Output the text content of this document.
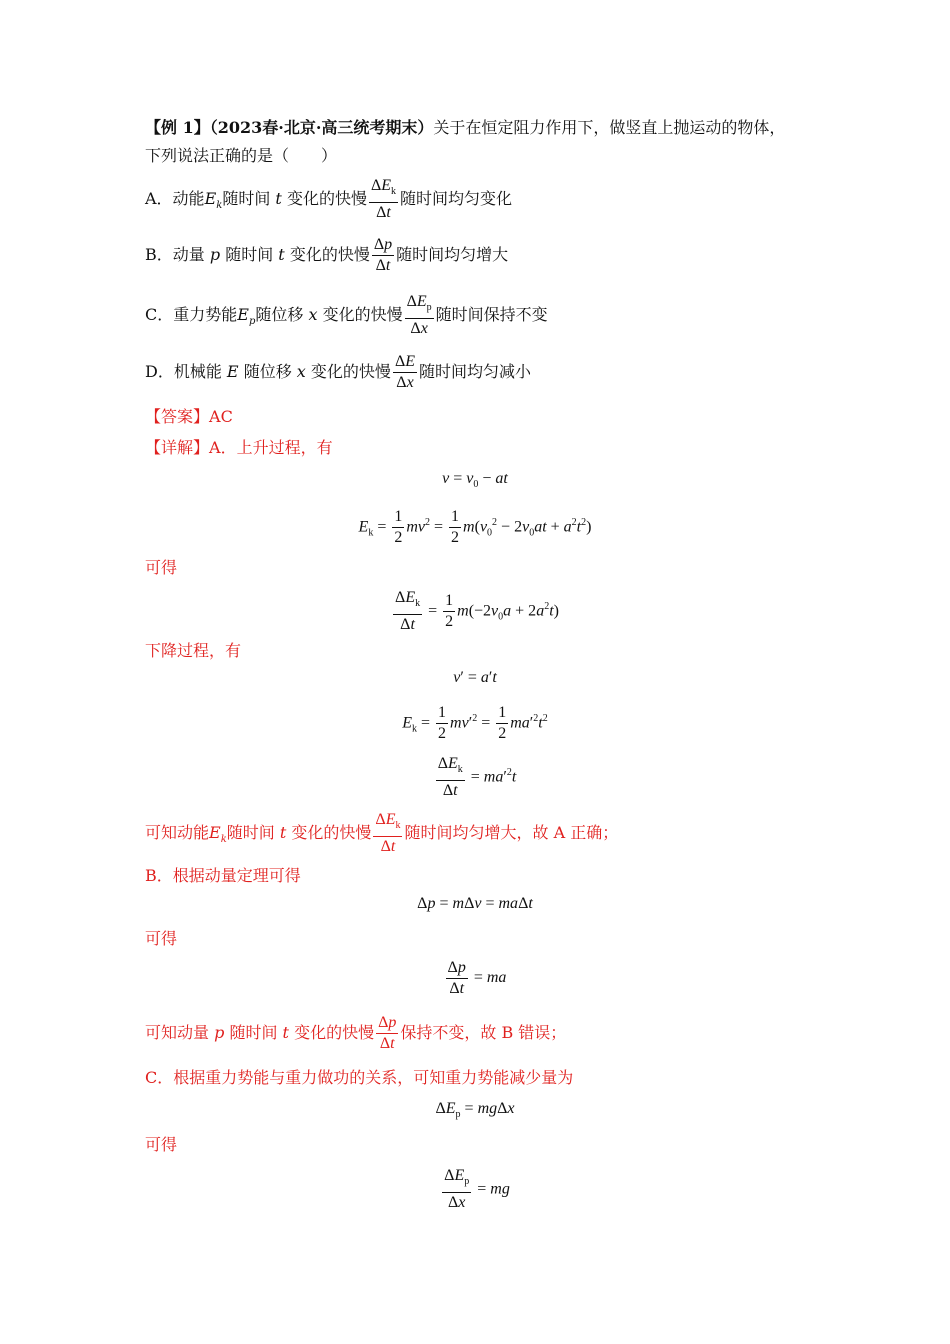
【例 1】（2023春·北京·高三统考期末）关于在恒定阻力作用下，做竖直上抛运动的物体，
下列说法正确的是（　　）
A．动能$E_k$随时间 t 变化的快慢 $\frac{\Delta E_k}{\Delta t}$ 随时间均匀变化
B．动量 p 随时间 t 变化的快慢 $\frac{\Delta p}{\Delta t}$ 随时间均匀增大
C．重力势能$E_p$随位移 x 变化的快慢 $\frac{\Delta E_p}{\Delta x}$ 随时间保持不变
D．机械能 E 随位移 x 变化的快慢 $\frac{\Delta E}{\Delta x}$ 随时间均匀减小
【答案】AC
【详解】A．上升过程，有
$v = v_0$ − at
$E_k = \frac{1}{2} mv^2 = \frac{1}{2} m(v_0^2 - 2v_0at + a^2t^2)$
可得
$\frac{\Delta E_k}{\Delta t} = \frac{1}{2} m(-2v_0a + 2a^2t)$
下降过程，有
v′ = a′t
$E_k = \frac{1}{2} mv'^2 = \frac{1}{2} ma'^2t^2$
$\frac{\Delta E_k}{\Delta t} = ma'^2t$
可知动能$E_k$随时间 t 变化的快慢 $\frac{\Delta E_k}{\Delta t}$ 随时间均匀增大，故 A 正确；
B．根据动量定理可得
Δp = mΔv = maΔt
可得
$\frac{\Delta p}{\Delta t}$ = ma
可知动量 p 随时间 t 变化的快慢 $\frac{\Delta p}{\Delta t}$ 保持不变，故 B 错误；
C．根据重力势能与重力做功的关系，可知重力势能减少量为
$\Delta E_p = mg\Delta x$
可得
$\frac{\Delta E_p}{\Delta x}$ = mg
